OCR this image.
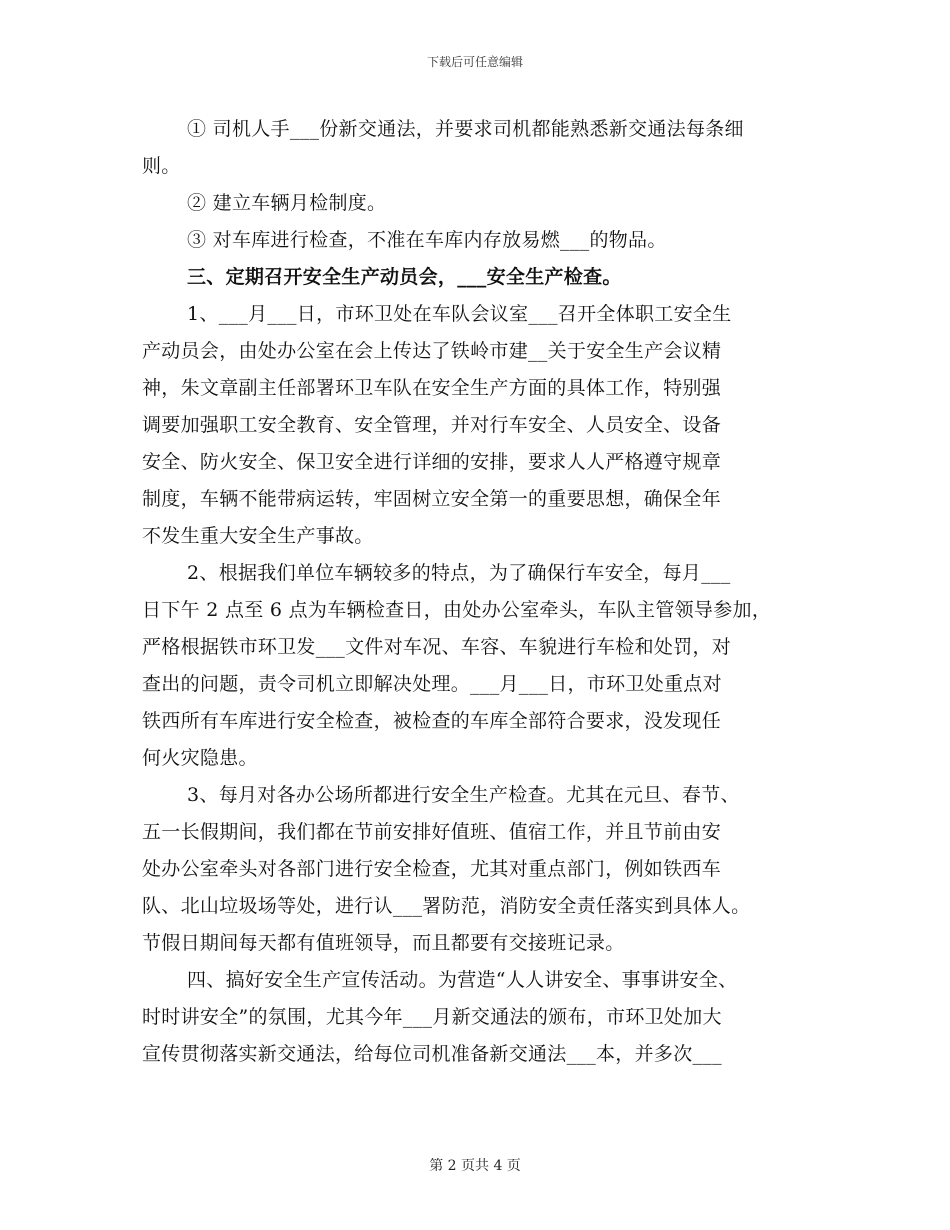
下载后可任意编辑
① 司机人手___份新交通法，并要求司机都能熟悉新交通法每条细
则。
② 建立车辆月检制度。
③ 对车库进行检查，不准在车库内存放易燃___的物品。
三、定期召开安全生产动员会，___安全生产检查。
1、___月___日，市环卫处在车队会议室___召开全体职工安全生
产动员会，由处办公室在会上传达了铁岭市建__关于安全生产会议精
神，朱文章副主任部署环卫车队在安全生产方面的具体工作，特别强
调要加强职工安全教育、安全管理，并对行车安全、人员安全、设备
安全、防火安全、保卫安全进行详细的安排，要求人人严格遵守规章
制度，车辆不能带病运转，牢固树立安全第一的重要思想，确保全年
不发生重大安全生产事故。
2、根据我们单位车辆较多的特点，为了确保行车安全，每月___
日下午 2 点至 6 点为车辆检查日，由处办公室牵头，车队主管领导参加，
严格根据铁市环卫发___文件对车况、车容、车貌进行车检和处罚，对
查出的问题，责令司机立即解决处理。___月___日，市环卫处重点对
铁西所有车库进行安全检查，被检查的车库全部符合要求，没发现任
何火灾隐患。
3、每月对各办公场所都进行安全生产检查。尤其在元旦、春节、
五一长假期间，我们都在节前安排好值班、值宿工作，并且节前由安
处办公室牵头对各部门进行安全检查，尤其对重点部门，例如铁西车
队、北山垃圾场等处，进行认___署防范，消防安全责任落实到具体人。
节假日期间每天都有值班领导，而且都要有交接班记录。
四、搞好安全生产宣传活动。为营造“人人讲安全、事事讲安全、
时时讲安全”的氛围，尤其今年___月新交通法的颁布，市环卫处加大
宣传贯彻落实新交通法，给每位司机准备新交通法___本，并多次___
第 2 页共 4 页
